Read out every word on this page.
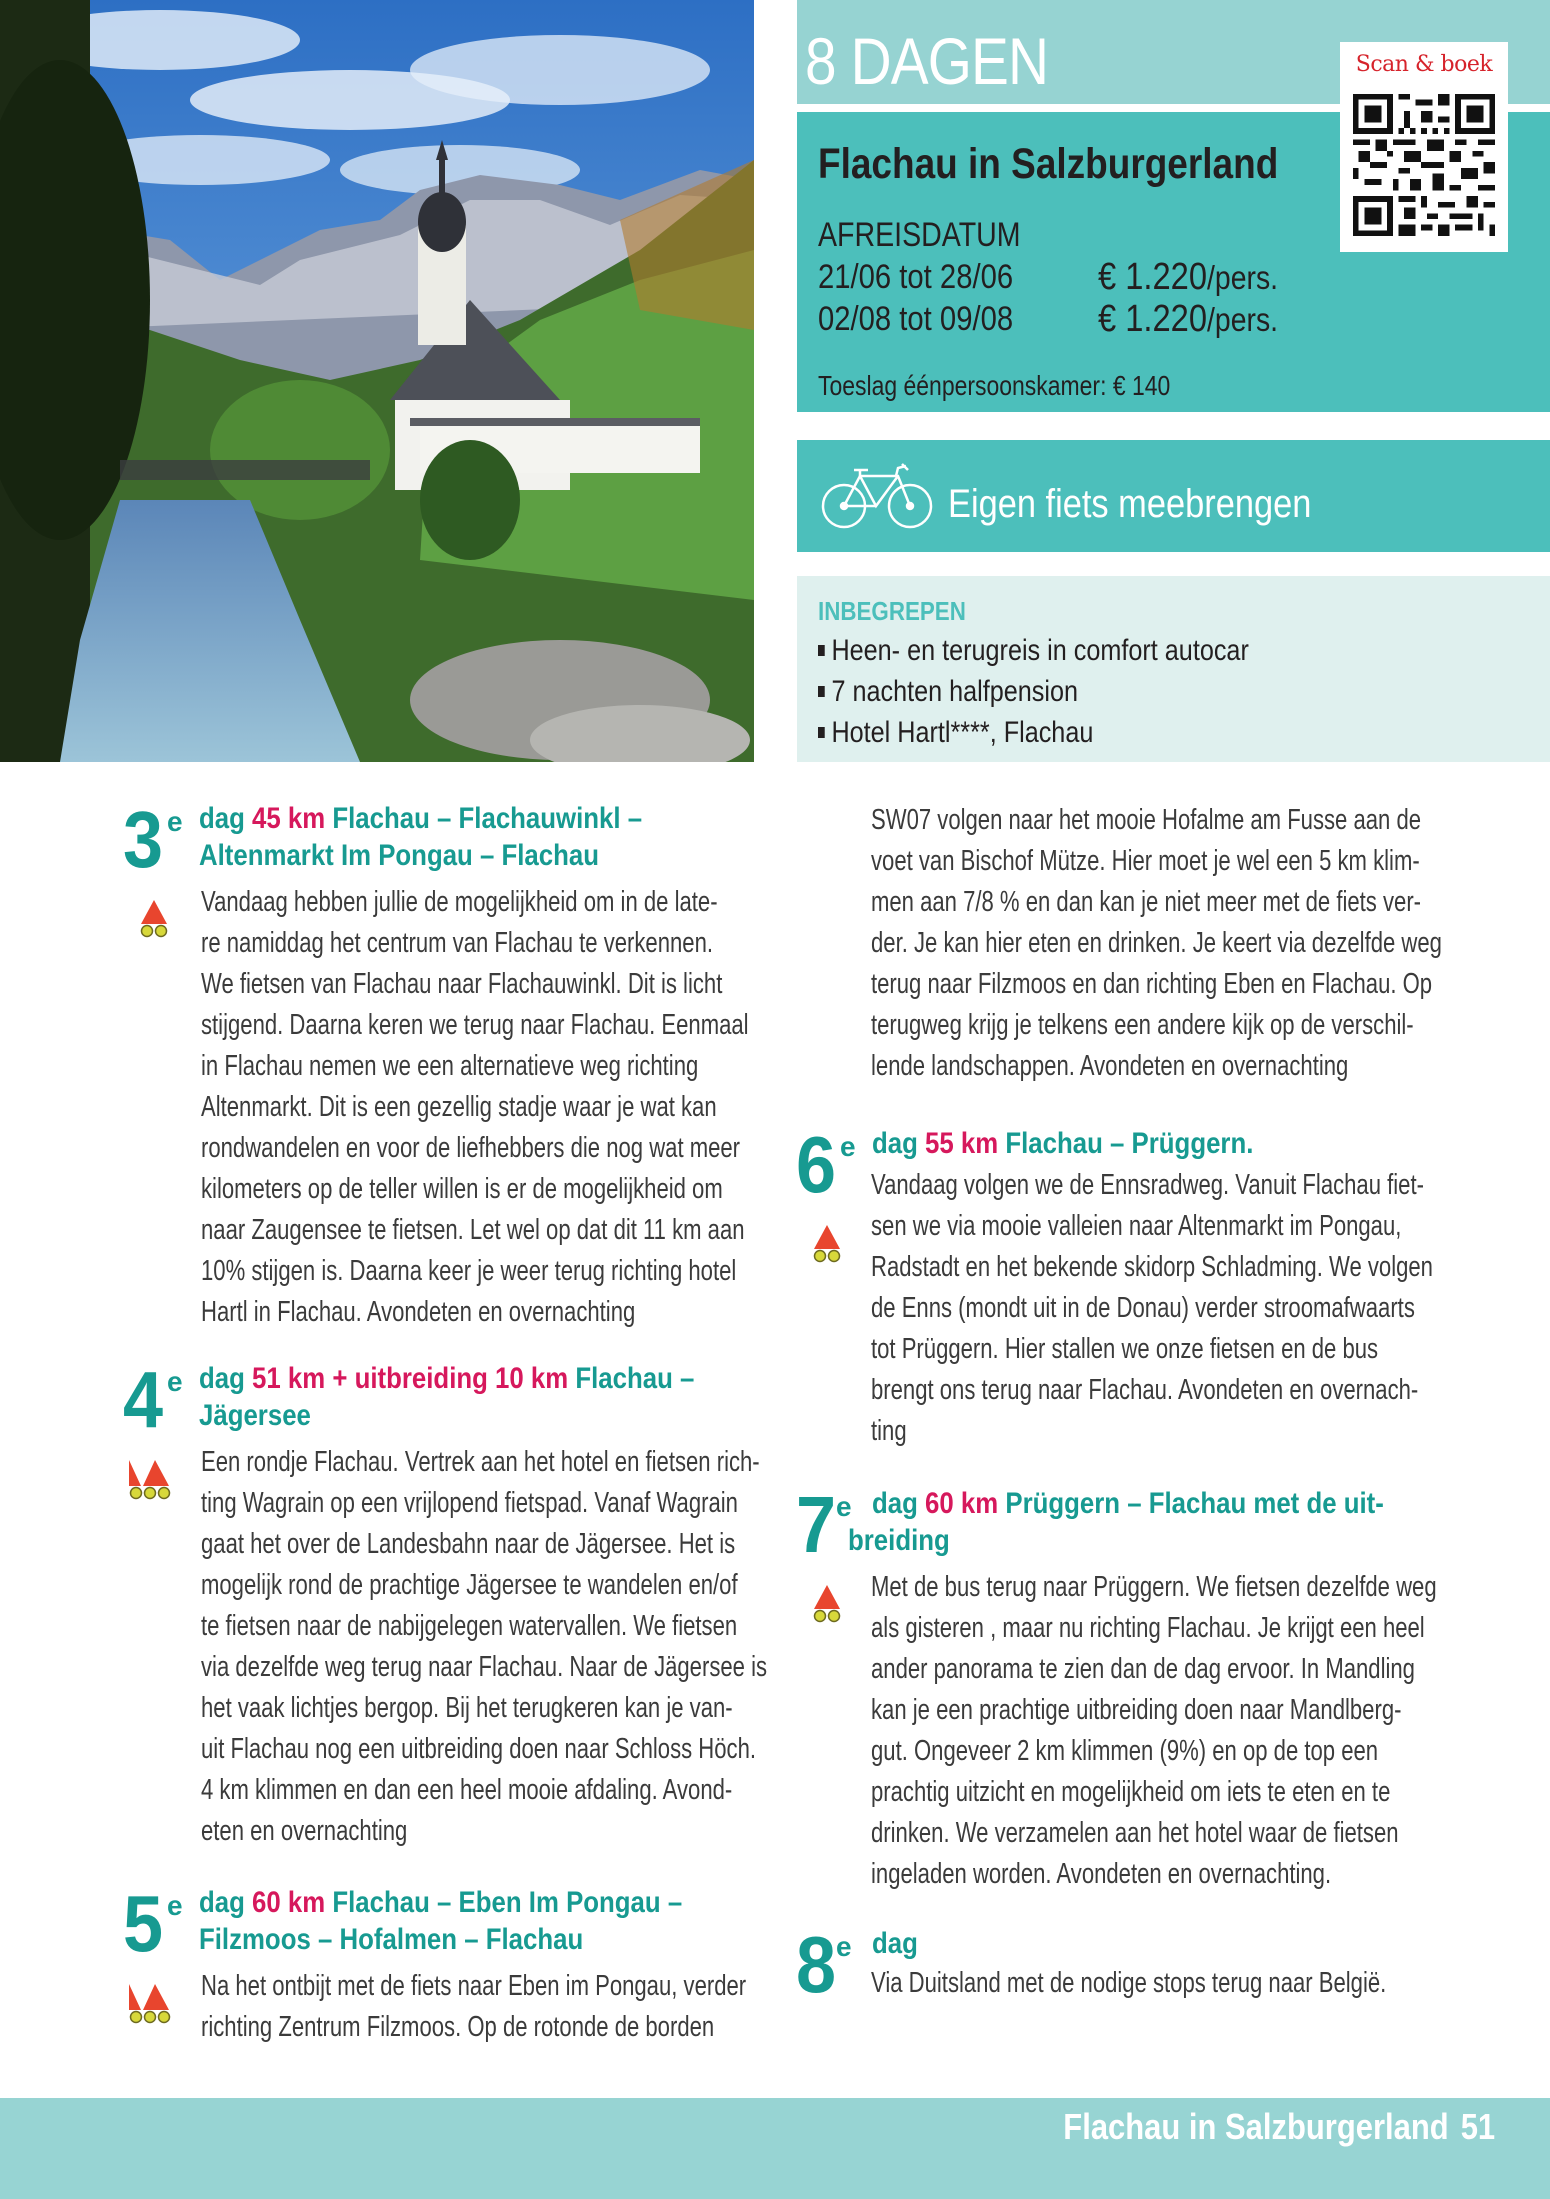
8 DAGEN
Flachau in Salzburgerland
AFREISDATUM
21/06 tot 28/06 € 1.220/pers.
02/08 tot 09/08 € 1.220/pers.
Toeslag éénpersoonskamer: € 140
Scan & boek
Eigen fiets meebrengen
INBEGREPEN
Heen- en terugreis in comfort autocar
7 nachten halfpension
Hotel Hartl****, Flachau
3 e dag 45 km Flachau – Flachauwinkl –
Altenmarkt Im Pongau – Flachau
Vandaag hebben jullie de mogelijkheid om in de late-
re namiddag het centrum van Flachau te verkennen.
We fietsen van Flachau naar Flachauwinkl. Dit is licht
stijgend. Daarna keren we terug naar Flachau. Eenmaal
in Flachau nemen we een alternatieve weg richting
Altenmarkt. Dit is een gezellig stadje waar je wat kan
rondwandelen en voor de liefhebbers die nog wat meer
kilometers op de teller willen is er de mogelijkheid om
naar Zaugensee te fietsen. Let wel op dat dit 11 km aan
10% stijgen is. Daarna keer je weer terug richting hotel
Hartl in Flachau. Avondeten en overnachting
4 e dag 51 km + uitbreiding 10 km Flachau –
Jägersee
Een rondje Flachau. Vertrek aan het hotel en fietsen rich-
ting Wagrain op een vrijlopend fietspad. Vanaf Wagrain
gaat het over de Landesbahn naar de Jägersee. Het is
mogelijk rond de prachtige Jägersee te wandelen en/of
te fietsen naar de nabijgelegen watervallen. We fietsen
via dezelfde weg terug naar Flachau. Naar de Jägersee is
het vaak lichtjes bergop. Bij het terugkeren kan je van-
uit Flachau nog een uitbreiding doen naar Schloss Höch.
4 km klimmen en dan een heel mooie afdaling. Avond-
eten en overnachting
5 e dag 60 km Flachau – Eben Im Pongau –
Filzmoos – Hofalmen – Flachau
Na het ontbijt met de fiets naar Eben im Pongau, verder
richting Zentrum Filzmoos. Op de rotonde de borden
SW07 volgen naar het mooie Hofalme am Fusse aan de
voet van Bischof Mütze. Hier moet je wel een 5 km klim-
men aan 7/8 % en dan kan je niet meer met de fiets ver-
der. Je kan hier eten en drinken. Je keert via dezelfde weg
terug naar Filzmoos en dan richting Eben en Flachau. Op
terugweg krijg je telkens een andere kijk op de verschil-
lende landschappen. Avondeten en overnachting
6 e dag 55 km Flachau – Prüggern.
Vandaag volgen we de Ennsradweg. Vanuit Flachau fiet-
sen we via mooie valleien naar Altenmarkt im Pongau,
Radstadt en het bekende skidorp Schladming. We volgen
de Enns (mondt uit in de Donau) verder stroomafwaarts
tot Prüggern. Hier stallen we onze fietsen en de bus
brengt ons terug naar Flachau. Avondeten en overnach-
ting
7 e dag 60 km Prüggern – Flachau met de uit-
breiding
Met de bus terug naar Prüggern. We fietsen dezelfde weg
als gisteren , maar nu richting Flachau. Je krijgt een heel
ander panorama te zien dan de dag ervoor. In Mandling
kan je een prachtige uitbreiding doen naar Mandlberg-
gut. Ongeveer 2 km klimmen (9%) en op de top een
prachtig uitzicht en mogelijkheid om iets te eten en te
drinken. We verzamelen aan het hotel waar de fietsen
ingeladen worden. Avondeten en overnachting.
8 e dag
Via Duitsland met de nodige stops terug naar België.
Flachau in Salzburgerland 51
